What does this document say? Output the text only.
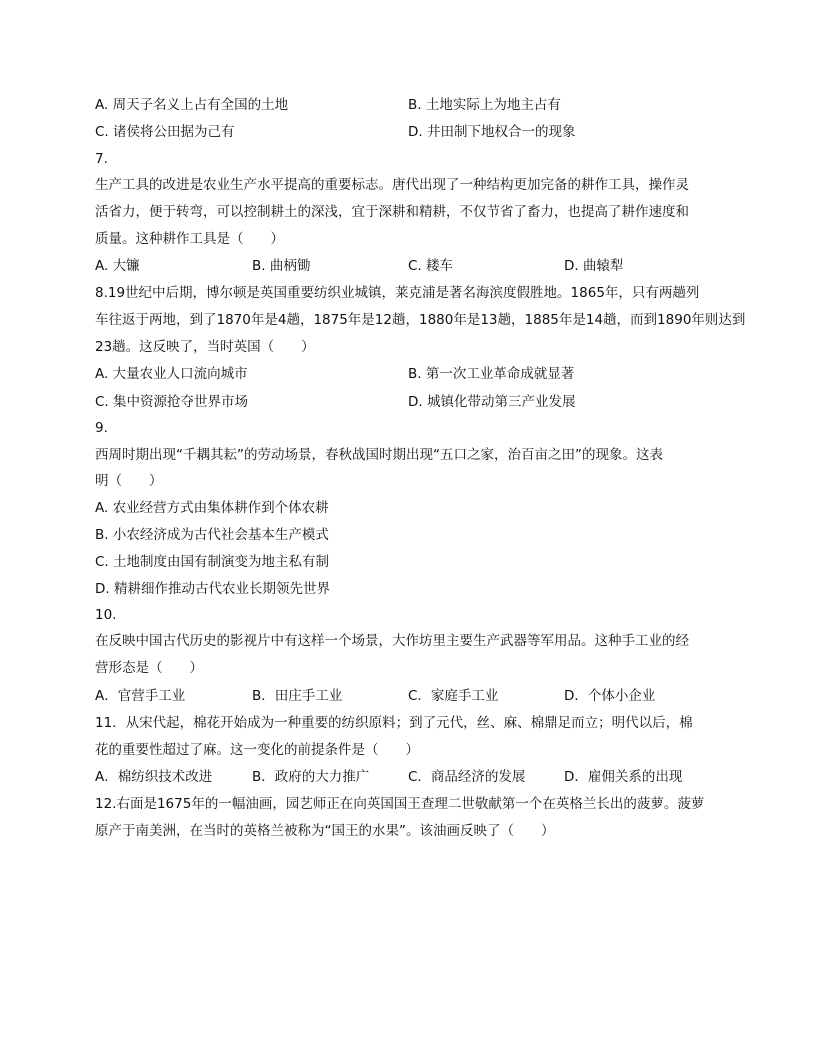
A. 周天子名义上占有全国的土地	B. 土地实际上为地主占有
C. 诸侯将公田据为己有	D. 井田制下地权合一的现象
7.
生产工具的改进是农业生产水平提高的重要标志。唐代出现了一种结构更加完备的耕作工具，操作灵
活省力，便于转弯，可以控制耕土的深浅，宜于深耕和精耕，不仅节省了畜力，也提高了耕作速度和
质量。这种耕作工具是（　　）
A. 大镰	B. 曲柄锄	C. 耧车	D. 曲辕犁
8.19世纪中后期，博尔顿是英国重要纺织业城镇，莱克浦是著名海滨度假胜地。1865年，只有两趟列
车往返于两地，到了1870年是4趟，1875年是12趟，1880年是13趟，1885年是14趟，而到1890年则达到
23趟。这反映了，当时英国（　　）
A. 大量农业人口流向城市	B. 第一次工业革命成就显著
C. 集中资源抢夺世界市场	D. 城镇化带动第三产业发展
9.
西周时期出现“千耦其耘”的劳动场景，春秋战国时期出现“五口之家，治百亩之田”的现象。这表
明（　　）
A. 农业经营方式由集体耕作到个体农耕
B. 小农经济成为古代社会基本生产模式
C. 土地制度由国有制演变为地主私有制
D. 精耕细作推动古代农业长期领先世界
10.
在反映中国古代历史的影视片中有这样一个场景，大作坊里主要生产武器等军用品。这种手工业的经
营形态是（　　）
A．官营手工业	B．田庄手工业	C．家庭手工业	D．个体小企业
11．从宋代起，棉花开始成为一种重要的纺织原料；到了元代，丝、麻、棉鼎足而立；明代以后，棉
花的重要性超过了麻。这一变化的前提条件是（　　）
A．棉纺织技术改进	B．政府的大力推广	C．商品经济的发展	D．雇佣关系的出现
12.右面是1675年的一幅油画，园艺师正在向英国国王查理二世敬献第一个在英格兰长出的菠萝。菠萝
原产于南美洲，在当时的英格兰被称为“国王的水果”。该油画反映了（　　）
